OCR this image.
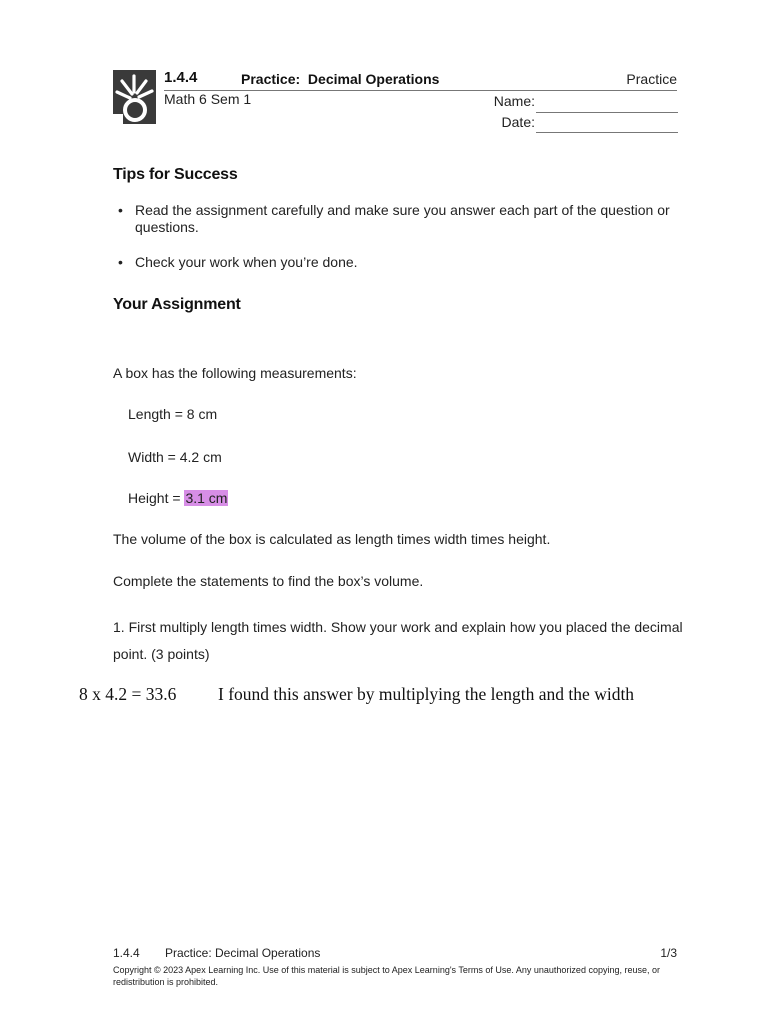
1.4.4	Practice:  Decimal Operations	Practice
Math 6 Sem 1	Name:
Date:
Tips for Success
• Read the assignment carefully and make sure you answer each part of the question or questions.
• Check your work when you’re done.
Your Assignment
A box has the following measurements:
Length = 8 cm
Width = 4.2 cm
Height = 3.1 cm
The volume of the box is calculated as length times width times height.
Complete the statements to find the box’s volume.
1. First multiply length times width. Show your work and explain how you placed the decimal point. (3 points)
8 x 4.2 = 33.6 I found this answer by multiplying the length and the width
1.4.4 Practice: Decimal Operations	1/3
Copyright © 2023 Apex Learning Inc. Use of this material is subject to Apex Learning's Terms of Use. Any unauthorized copying, reuse, or redistribution is prohibited.
